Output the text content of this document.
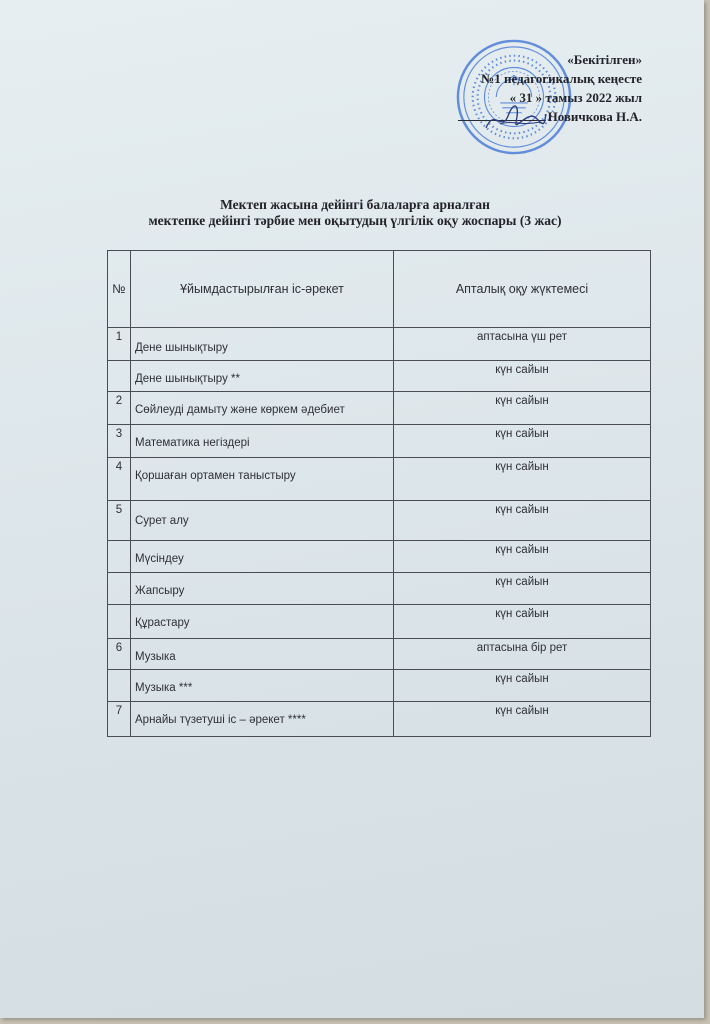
«Бекітілген»
№1 педагогикалық кеңесте
« 31 » тамыз 2022 жыл
Новичкова Н.А.
Мектеп жасына дейінгі балаларға арналған
мектепке дейінгі тәрбие мен оқытудың үлгілік оқу жоспары (3 жас)
№	Ұйымдастырылған іс-әрекет	Апталық оқу жүктемесі
1	Дене шынықтыру	аптасына үш рет
	Дене шынықтыру **	күн сайын
2	Сөйлеуді дамыту және көркем әдебиет	күн сайын
3	Математика негіздері	күн сайын
4	Қоршаған ортамен таныстыру	күн сайын
5	Сурет алу	күн сайын
	Мүсіндеу	күн сайын
	Жапсыру	күн сайын
	Құрастару	күн сайын
6	Музыка	аптасына бір рет
	Музыка ***	күн сайын
7	Арнайы түзетуші іс – әрекет ****	күн сайын
